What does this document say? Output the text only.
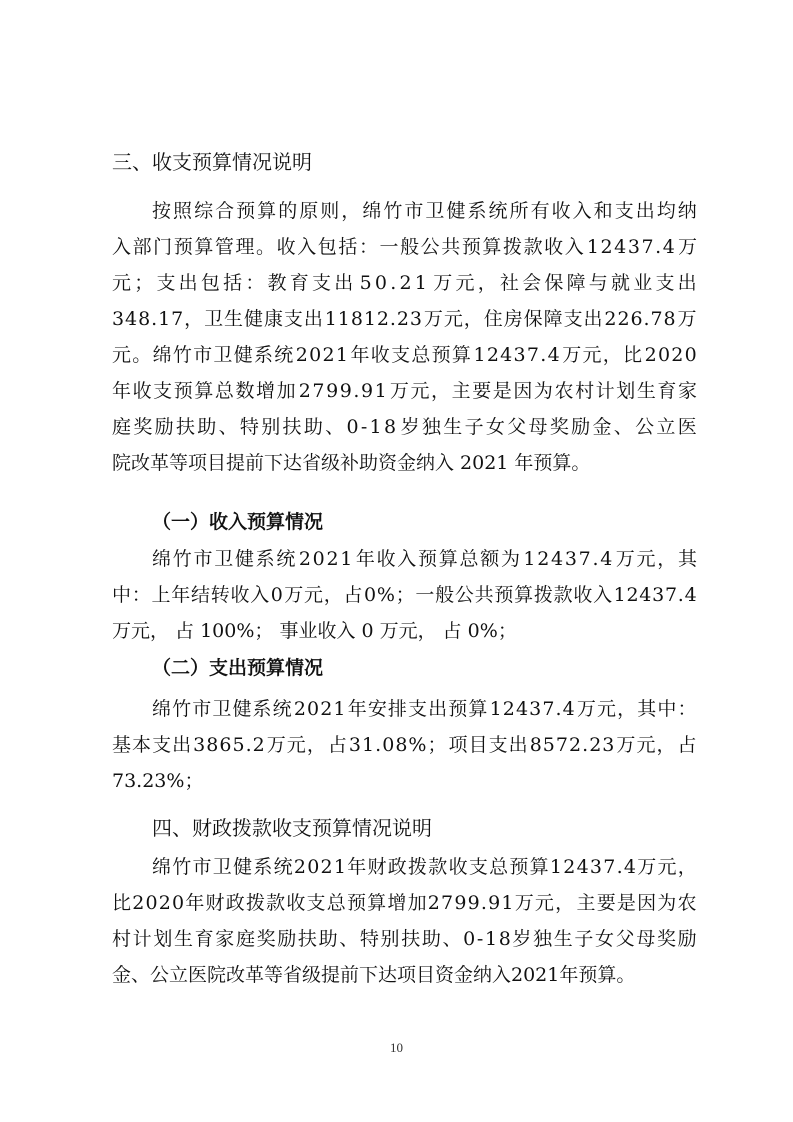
三、收支预算情况说明
按 照 综 合 预 算 的 原 则 ， 绵 竹 市 卫 健 系 统 所 有 收 入 和 支 出 均 纳
入 部 门 预 算 管 理 。 收 入 包 括 ： 一 般 公 共 预 算 拨 款 收 入 1 2 4 3 7 . 4 万
元 ； 支 出 包 括 ： 教 育 支 出 5 0 . 2 1 万 元 ， 社 会 保 障 与 就 业 支 出
3 4 8 . 1 7 ， 卫 生 健 康 支 出 1 1 8 1 2 . 2 3 万 元 ， 住 房 保 障 支 出 2 2 6 . 7 8 万
元 。 绵 竹 市 卫 健 系 统 2 0 2 1 年 收 支 总 预 算 1 2 4 3 7 . 4 万 元 ， 比 2 0 2 0
年 收 支 预 算 总 数 增 加 2 7 9 9 . 9 1 万 元 ， 主 要 是 因 为 农 村 计 划 生 育 家
庭 奖 励 扶 助 、 特 别 扶 助 、 0 - 1 8 岁 独 生 子 女 父 母 奖 励 金 、 公 立 医
院改革等项目提前下达省级补助资金纳入 2021 年预算。
（一）收入预算情况
绵 竹 市 卫 健 系 统 2 0 2 1 年 收 入 预 算 总 额 为 1 2 4 3 7 . 4 万 元 ， 其
中 ： 上 年 结 转 收 入 0 万 元 ， 占 0 % ； 一 般 公 共 预 算 拨 款 收 入 1 2 4 3 7 . 4
万元， 占 100%； 事业收入 0 万元， 占 0%；
（二）支出预算情况
绵 竹 市 卫 健 系 统 2 0 2 1 年 安 排 支 出 预 算 1 2 4 3 7 . 4 万 元 ， 其 中 ：
基 本 支 出 3 8 6 5 . 2 万 元 ， 占 3 1 . 0 8 % ； 项 目 支 出 8 5 7 2 . 2 3 万 元 ， 占
73.23%；
四、财政拨款收支预算情况说明
绵 竹 市 卫 健 系 统 2 0 2 1 年 财 政 拨 款 收 支 总 预 算 1 2 4 3 7 . 4 万 元 ，
比 2 0 2 0 年 财 政 拨 款 收 支 总 预 算 增 加 2 7 9 9 . 9 1 万 元 ， 主 要 是 因 为 农
村 计 划 生 育 家 庭 奖 励 扶 助 、 特 别 扶 助 、 0 - 1 8 岁 独 生 子 女 父 母 奖 励
金、公立医院改革等省级提前下达项目资金纳入2021年预算。
10
